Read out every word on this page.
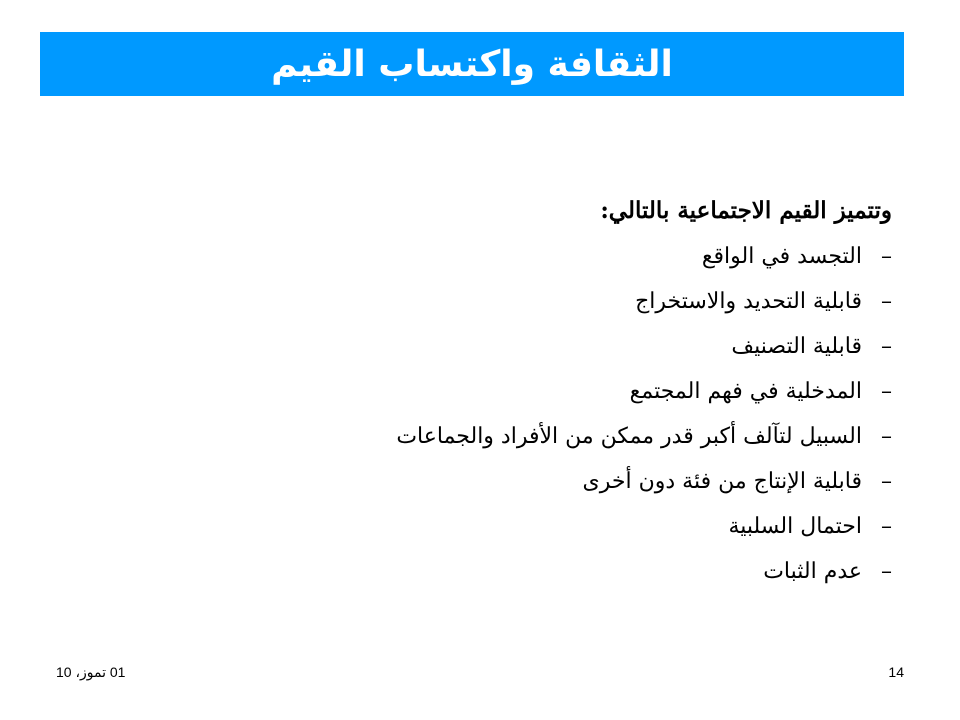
الثقافة واكتساب القيم
وتتميز القيم الاجتماعية بالتالي:
–
التجسد في الواقع
–
قابلية التحديد والاستخراج
–
قابلية التصنيف
–
المدخلية في فهم المجتمع
–
السبيل لتآلف أكبر قدر ممكن من الأفراد والجماعات
–
قابلية الإنتاج من فئة دون أخرى
–
احتمال السلبية
–
عدم الثبات
14
01 تموز، 10
